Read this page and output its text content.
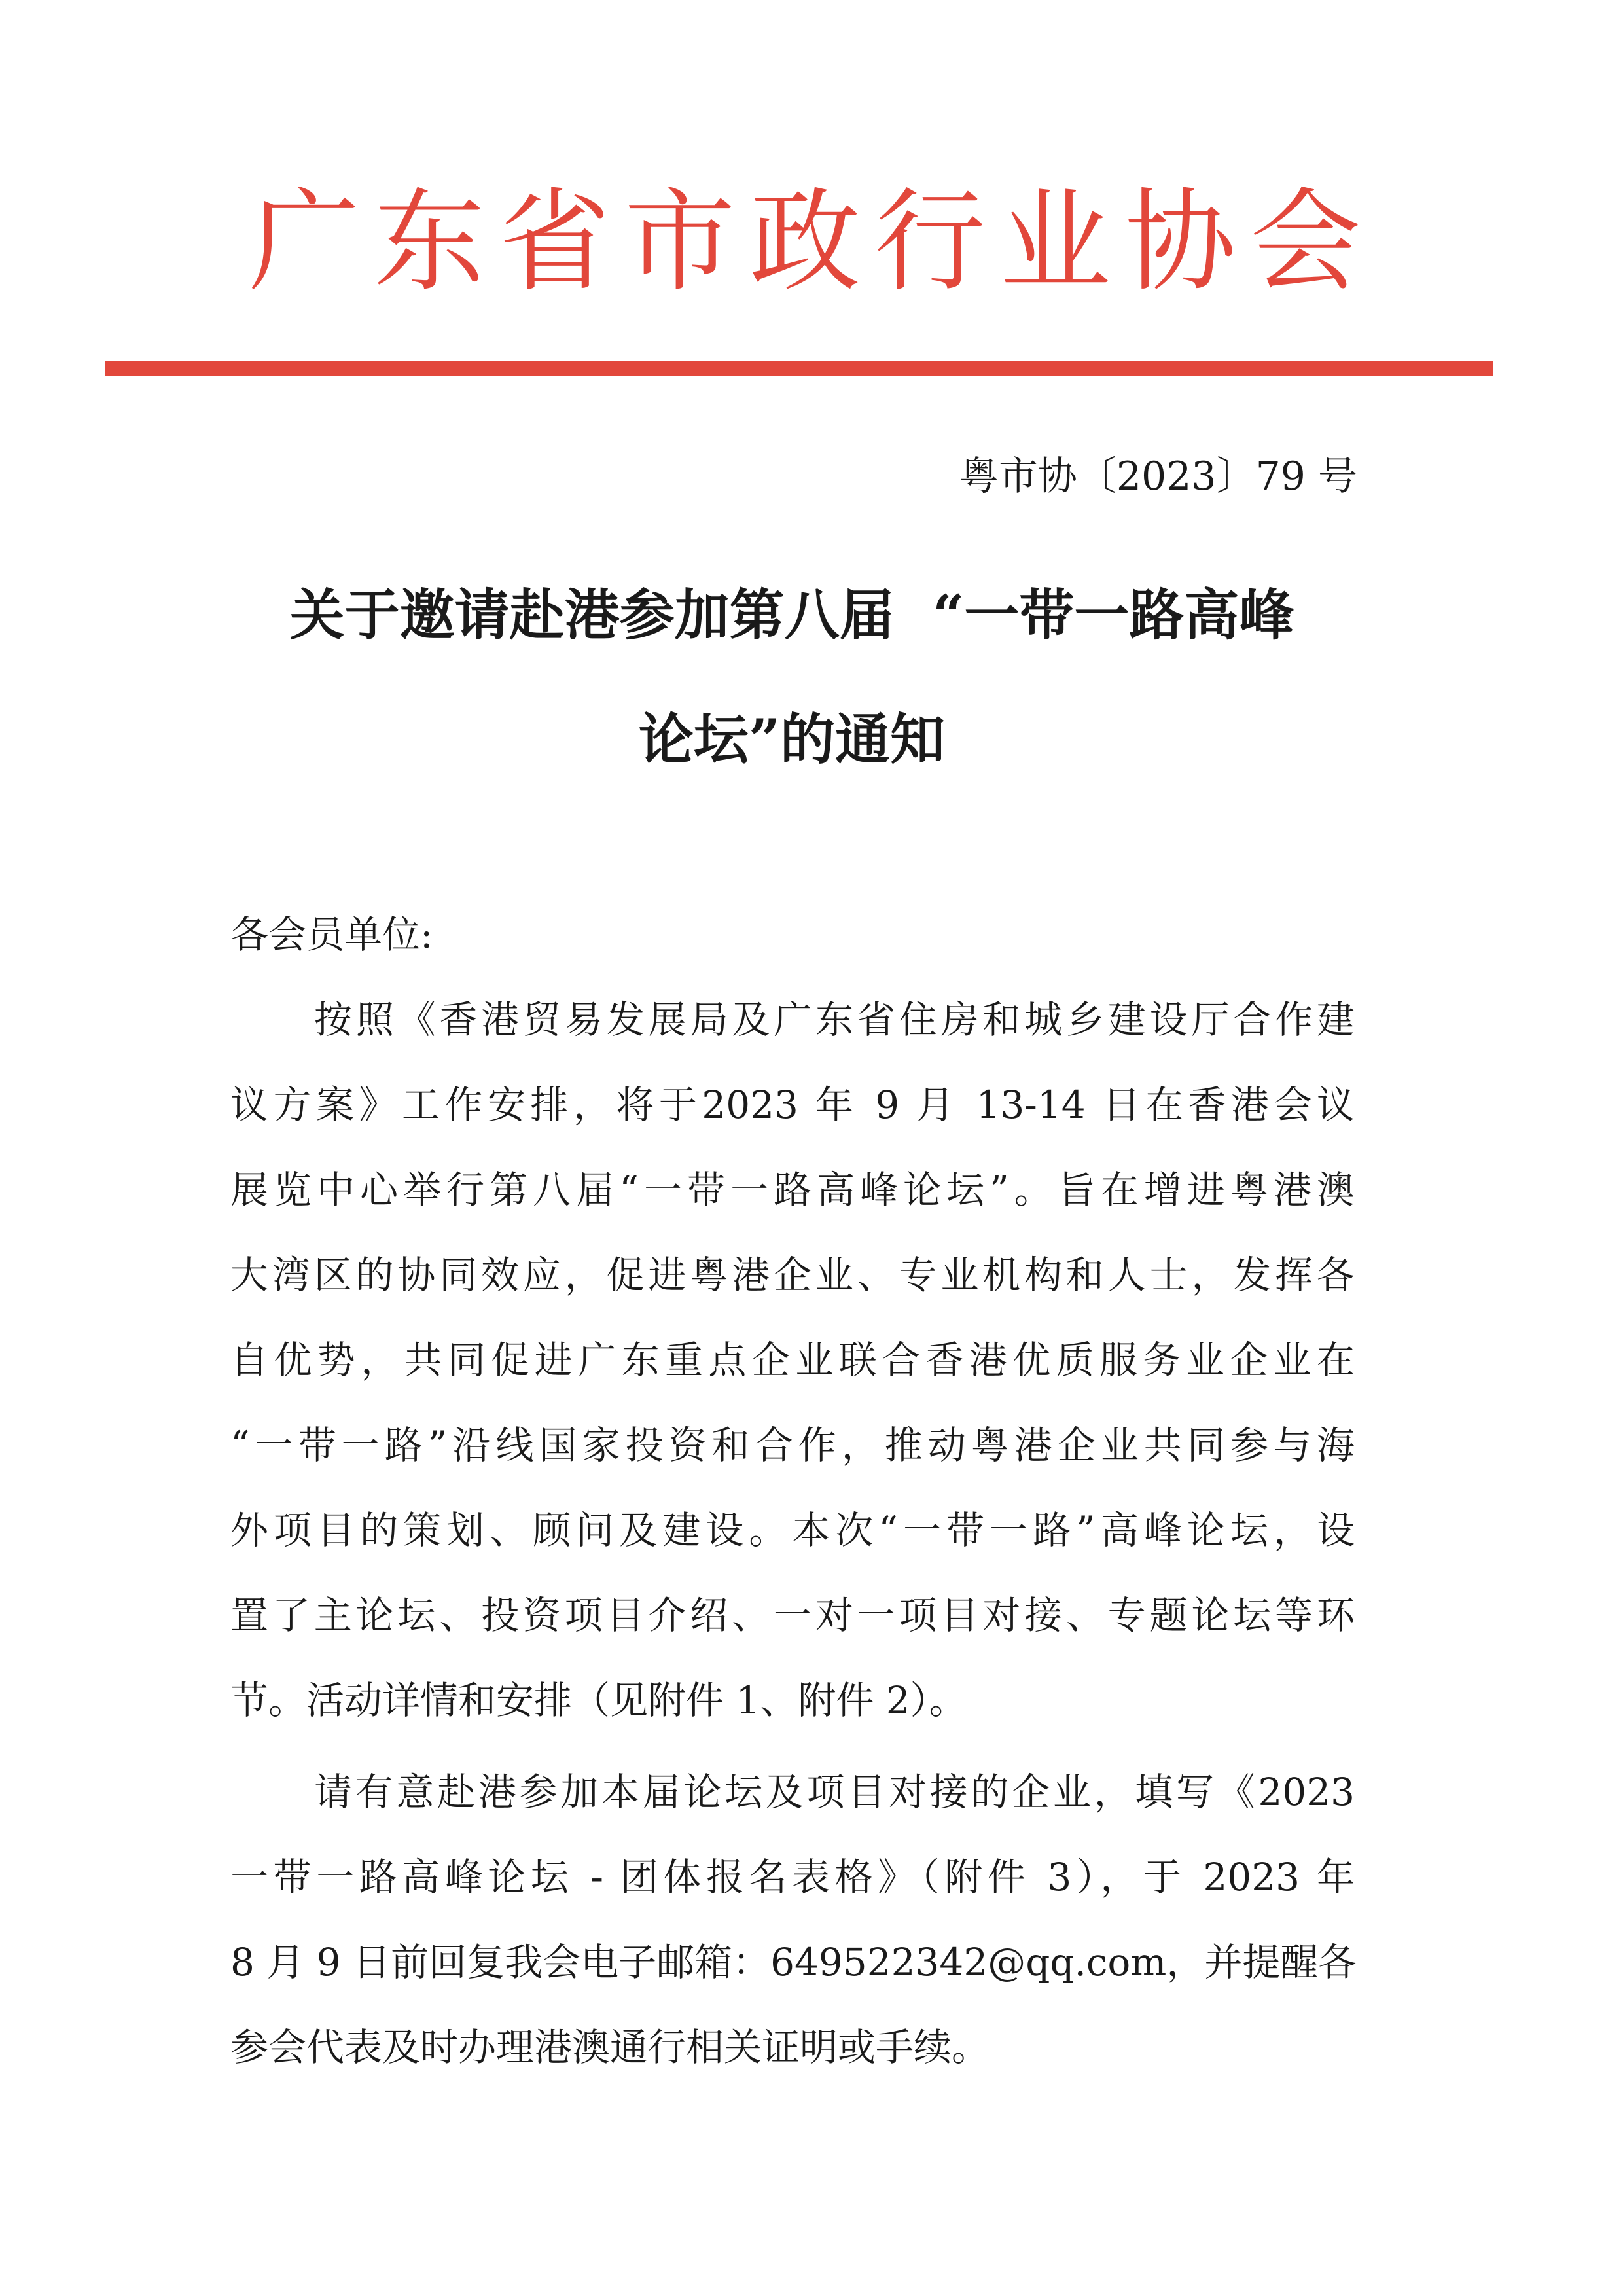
广 东 省 市 政 行 业 协 会
粤市协〔2023〕79 号
关于邀请赴港参加第八届  “一带一路高峰
论坛”的通知
各会员单位:
按照《香港贸易发展局及广东省住房和城乡建设厅合作建
议方案》工作安排，将于2023 年 9 月 13-14 日在香港会议
展览中心举行第八届“一带一路高峰论坛”。旨在增进粤港澳
大湾区的协同效应，促进粤港企业、专业机构和人士，发挥各
自优势，共同促进广东重点企业联合香港优质服务业企业在
“一带一路”沿线国家投资和合作，推动粤港企业共同参与海
外项目的策划、顾问及建设。本次“一带一路”高峰论坛，设
置了主论坛、投资项目介绍、一对一项目对接、专题论坛等环
节。活动详情和安排（见附件 1、附件 2）。
请有意赴港参加本届论坛及项目对接的企业，填写《2023
一带一路高峰论坛 - 团体报名表格》（附件 3），于 2023 年
8 月 9 日前回复我会电子邮箱：649522342@qq.com，并提醒各
参会代表及时办理港澳通行相关证明或手续。
